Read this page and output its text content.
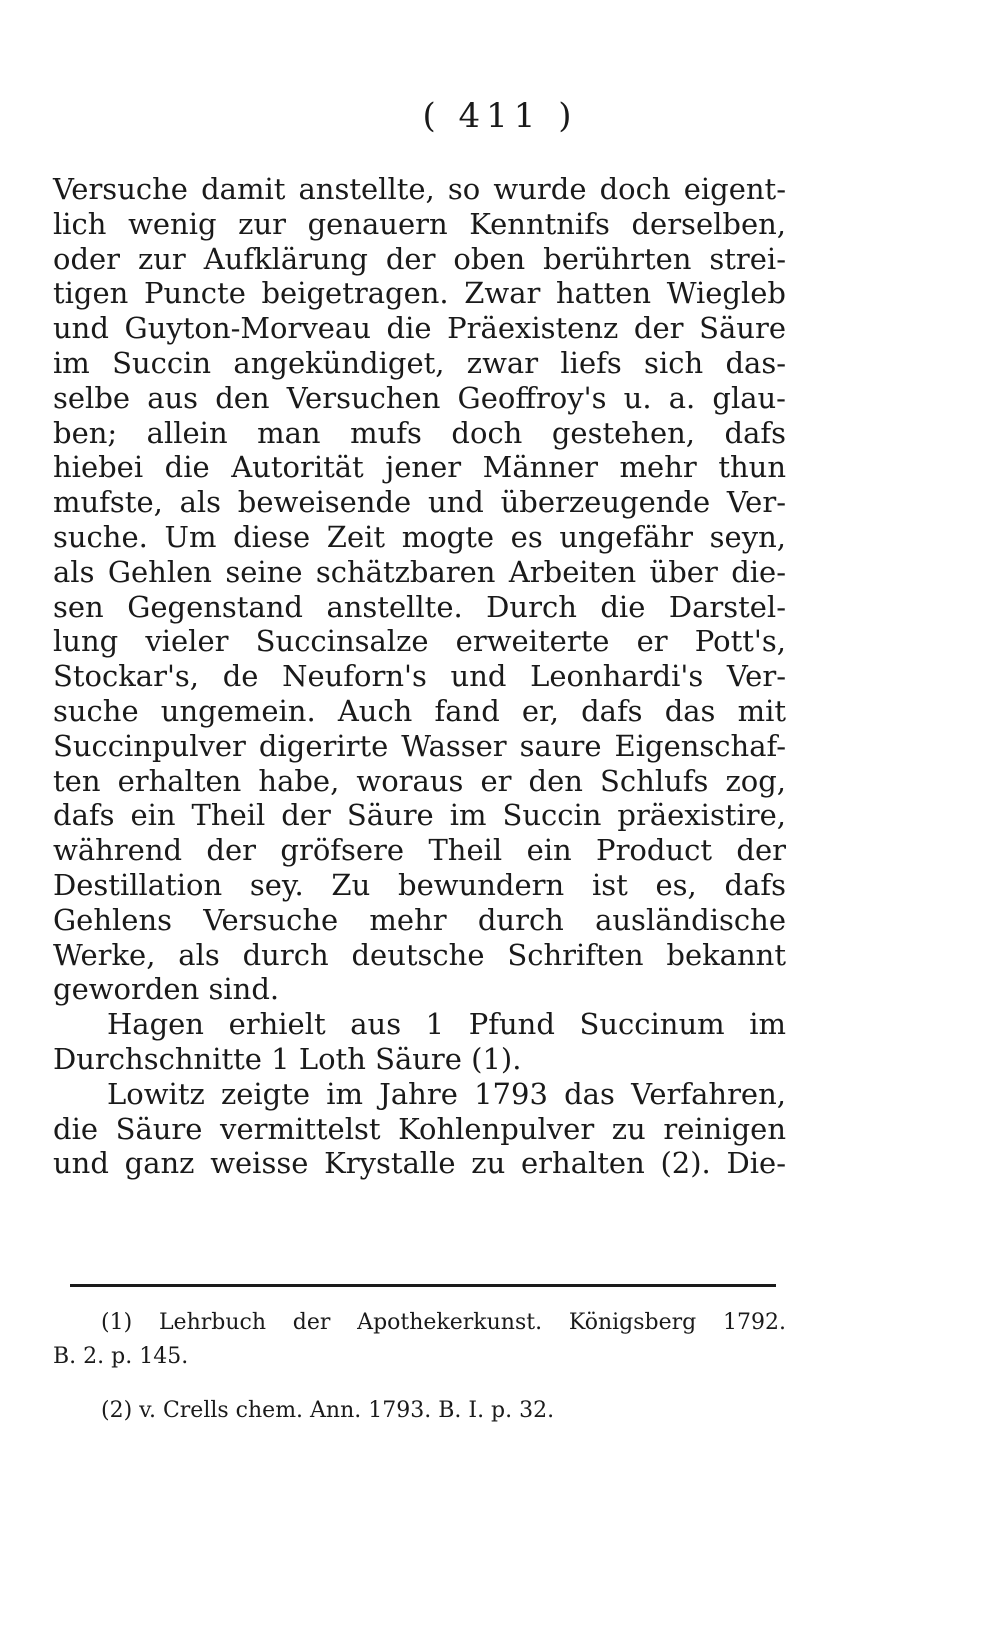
( 411 )
Versuche damit anstellte, so wurde doch eigent-
lich wenig zur genauern Kenntnifs derselben,
oder zur Aufklärung der oben berührten strei-
tigen Puncte beigetragen. Zwar hatten Wiegleb
und Guyton-Morveau die Präexistenz der Säure
im Succin angekündiget, zwar liefs sich das-
selbe aus den Versuchen Geoffroy's u. a. glau-
ben; allein man mufs doch gestehen, dafs
hiebei die Autorität jener Männer mehr thun
mufste, als beweisende und überzeugende Ver-
suche. Um diese Zeit mogte es ungefähr seyn,
als Gehlen seine schätzbaren Arbeiten über die-
sen Gegenstand anstellte. Durch die Darstel-
lung vieler Succinsalze erweiterte er Pott's,
Stockar's, de Neuforn's und Leonhardi's Ver-
suche ungemein. Auch fand er, dafs das mit
Succinpulver digerirte Wasser saure Eigenschaf-
ten erhalten habe, woraus er den Schlufs zog,
dafs ein Theil der Säure im Succin präexistire,
während der gröfsere Theil ein Product der
Destillation sey. Zu bewundern ist es, dafs
Gehlens Versuche mehr durch ausländische
Werke, als durch deutsche Schriften bekannt
geworden sind.
Hagen erhielt aus 1 Pfund Succinum im
Durchschnitte 1 Loth Säure (1).
Lowitz zeigte im Jahre 1793 das Verfahren,
die Säure vermittelst Kohlenpulver zu reinigen
und ganz weisse Krystalle zu erhalten (2). Die-
(1) Lehrbuch der Apothekerkunst. Königsberg 1792.
B. 2. p. 145.
(2) v. Crells chem. Ann. 1793. B. I. p. 32.
